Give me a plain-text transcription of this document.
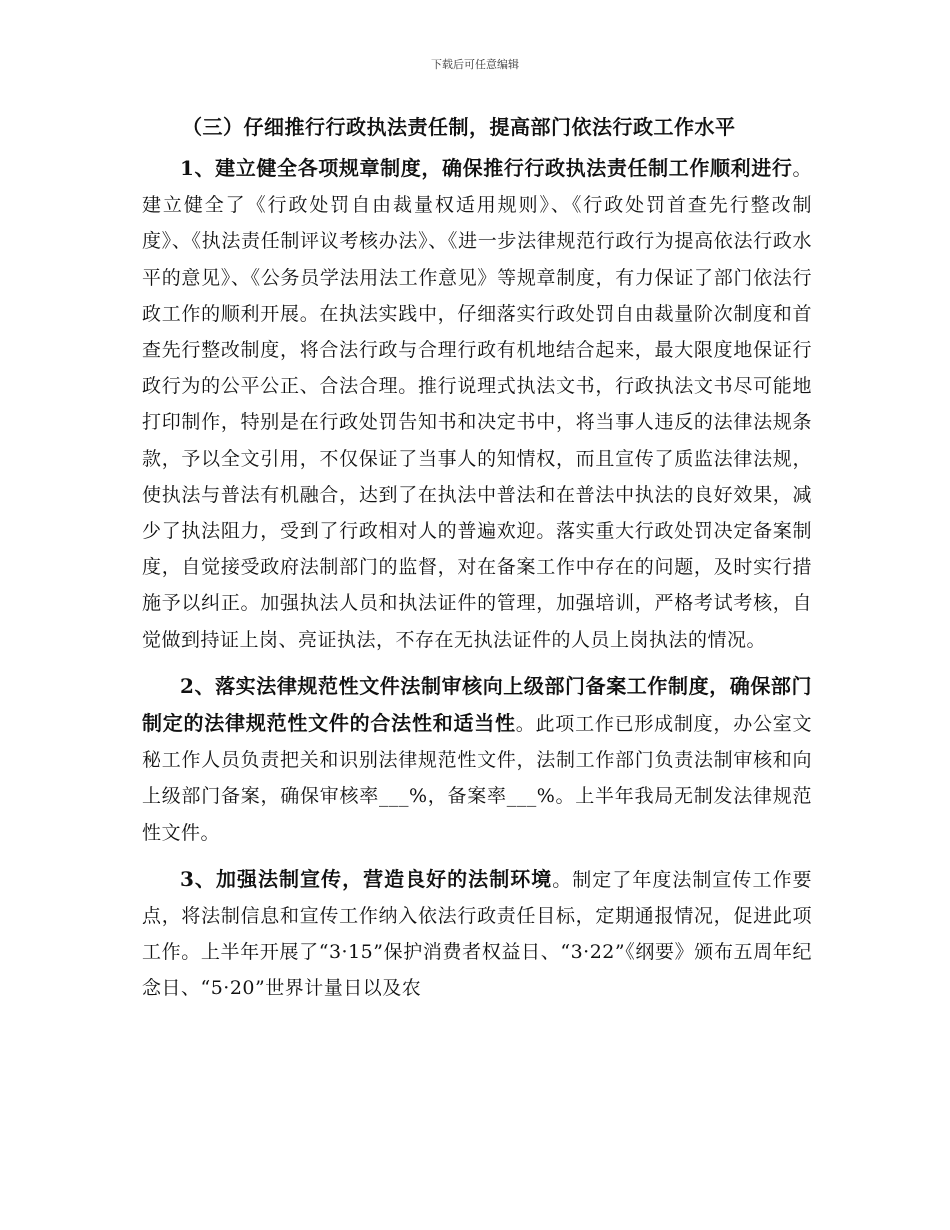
下载后可任意编辑

（三）仔细推行行政执法责任制，提高部门依法行政工作水平

1、建立健全各项规章制度，确保推行行政执法责任制工作顺利进行。建立健全了《行政处罚自由裁量权适用规则》、《行政处罚首查先行整改制度》、《执法责任制评议考核办法》、《进一步法律规范行政行为提高依法行政水平的意见》、《公务员学法用法工作意见》等规章制度，有力保证了部门依法行政工作的顺利开展。在执法实践中，仔细落实行政处罚自由裁量阶次制度和首查先行整改制度，将合法行政与合理行政有机地结合起来，最大限度地保证行政行为的公平公正、合法合理。推行说理式执法文书，行政执法文书尽可能地打印制作，特别是在行政处罚告知书和决定书中，将当事人违反的法律法规条款，予以全文引用，不仅保证了当事人的知情权，而且宣传了质监法律法规，使执法与普法有机融合，达到了在执法中普法和在普法中执法的良好效果，减少了执法阻力，受到了行政相对人的普遍欢迎。落实重大行政处罚决定备案制度，自觉接受政府法制部门的监督，对在备案工作中存在的问题，及时实行措施予以纠正。加强执法人员和执法证件的管理，加强培训，严格考试考核，自觉做到持证上岗、亮证执法，不存在无执法证件的人员上岗执法的情况。

2、落实法律规范性文件法制审核向上级部门备案工作制度，确保部门制定的法律规范性文件的合法性和适当性。此项工作已形成制度，办公室文秘工作人员负责把关和识别法律规范性文件，法制工作部门负责法制审核和向上级部门备案，确保审核率___%，备案率___%。上半年我局无制发法律规范性文件。

3、加强法制宣传，营造良好的法制环境。制定了年度法制宣传工作要点，将法制信息和宣传工作纳入依法行政责任目标，定期通报情况，促进此项工作。上半年开展了“3·15”保护消费者权益日、“3·22”《纲要》颁布五周年纪念日、“5·20”世界计量日以及农
